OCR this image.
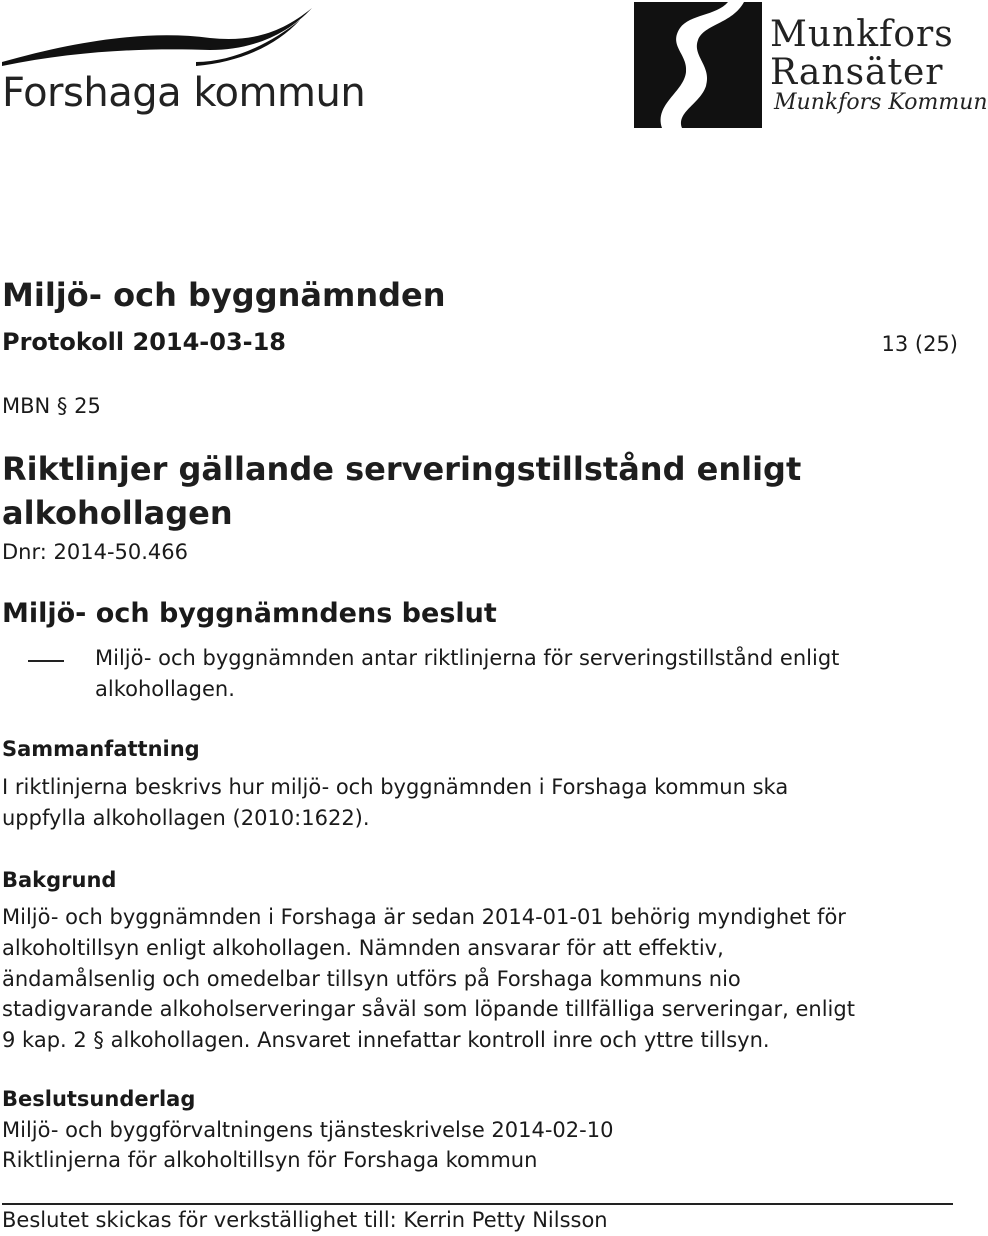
Forshaga kommun
Munkfors
Ransäter
Munkfors Kommun
Miljö- och byggnämnden
Protokoll 2014-03-18	13 (25)
MBN § 25
Riktlinjer gällande serveringstillstånd enligt
alkohollagen
Dnr: 2014-50.466
Miljö- och byggnämndens beslut
Miljö- och byggnämnden antar riktlinjerna för serveringstillstånd enligt
alkohollagen.
Sammanfattning
I riktlinjerna beskrivs hur miljö- och byggnämnden i Forshaga kommun ska
uppfylla alkohollagen (2010:1622).
Bakgrund
Miljö- och byggnämnden i Forshaga är sedan 2014-01-01 behörig myndighet för
alkoholtillsyn enligt alkohollagen. Nämnden ansvarar för att effektiv,
ändamålsenlig och omedelbar tillsyn utförs på Forshaga kommuns nio
stadigvarande alkoholserveringar såväl som löpande tillfälliga serveringar, enligt
9 kap. 2 § alkohollagen. Ansvaret innefattar kontroll inre och yttre tillsyn.
Beslutsunderlag
Miljö- och byggförvaltningens tjänsteskrivelse 2014-02-10
Riktlinjerna för alkoholtillsyn för Forshaga kommun
Beslutet skickas för verkställighet till: Kerrin Petty Nilsson
